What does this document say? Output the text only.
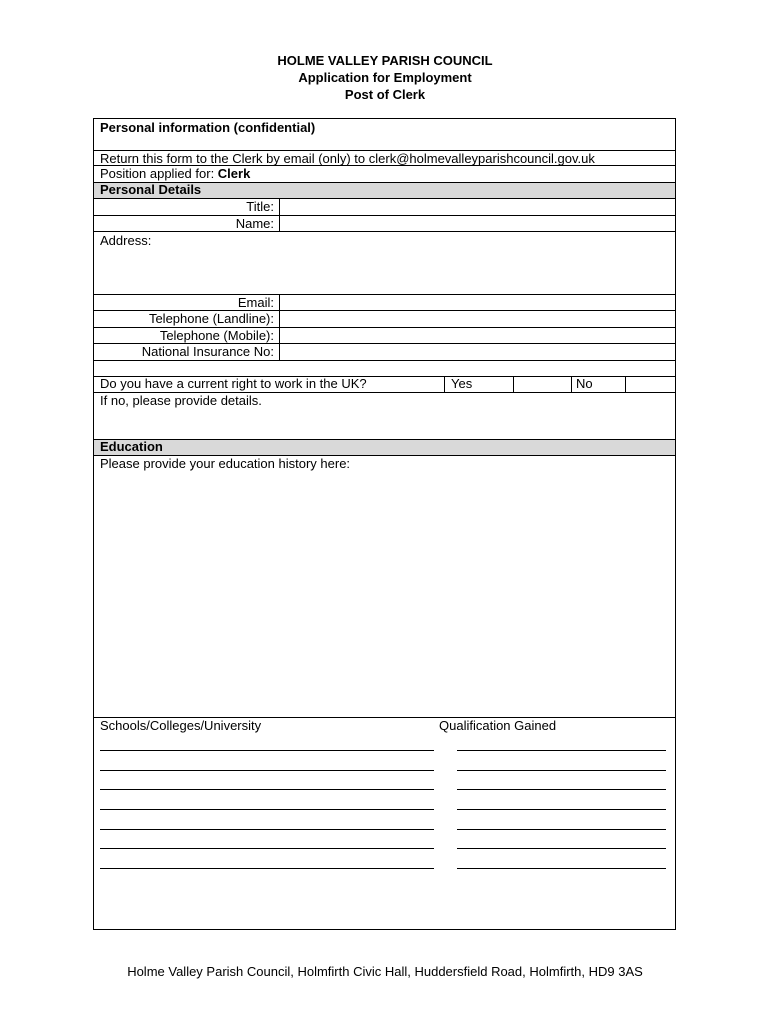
HOLME VALLEY PARISH COUNCIL
Application for Employment
Post of Clerk
Personal information (confidential)
Return this form to the Clerk by email (only) to clerk@holmevalleyparishcouncil.gov.uk
Position applied for: Clerk
Personal Details
Title:
Name:
Address:
Email:
Telephone (Landline):
Telephone (Mobile):
National Insurance No:
Do you have a current right to work in the UK?	Yes	No
If no, please provide details.
Education
Please provide your education history here:
Schools/Colleges/University	Qualification Gained
Holme Valley Parish Council, Holmfirth Civic Hall, Huddersfield Road, Holmfirth, HD9 3AS
